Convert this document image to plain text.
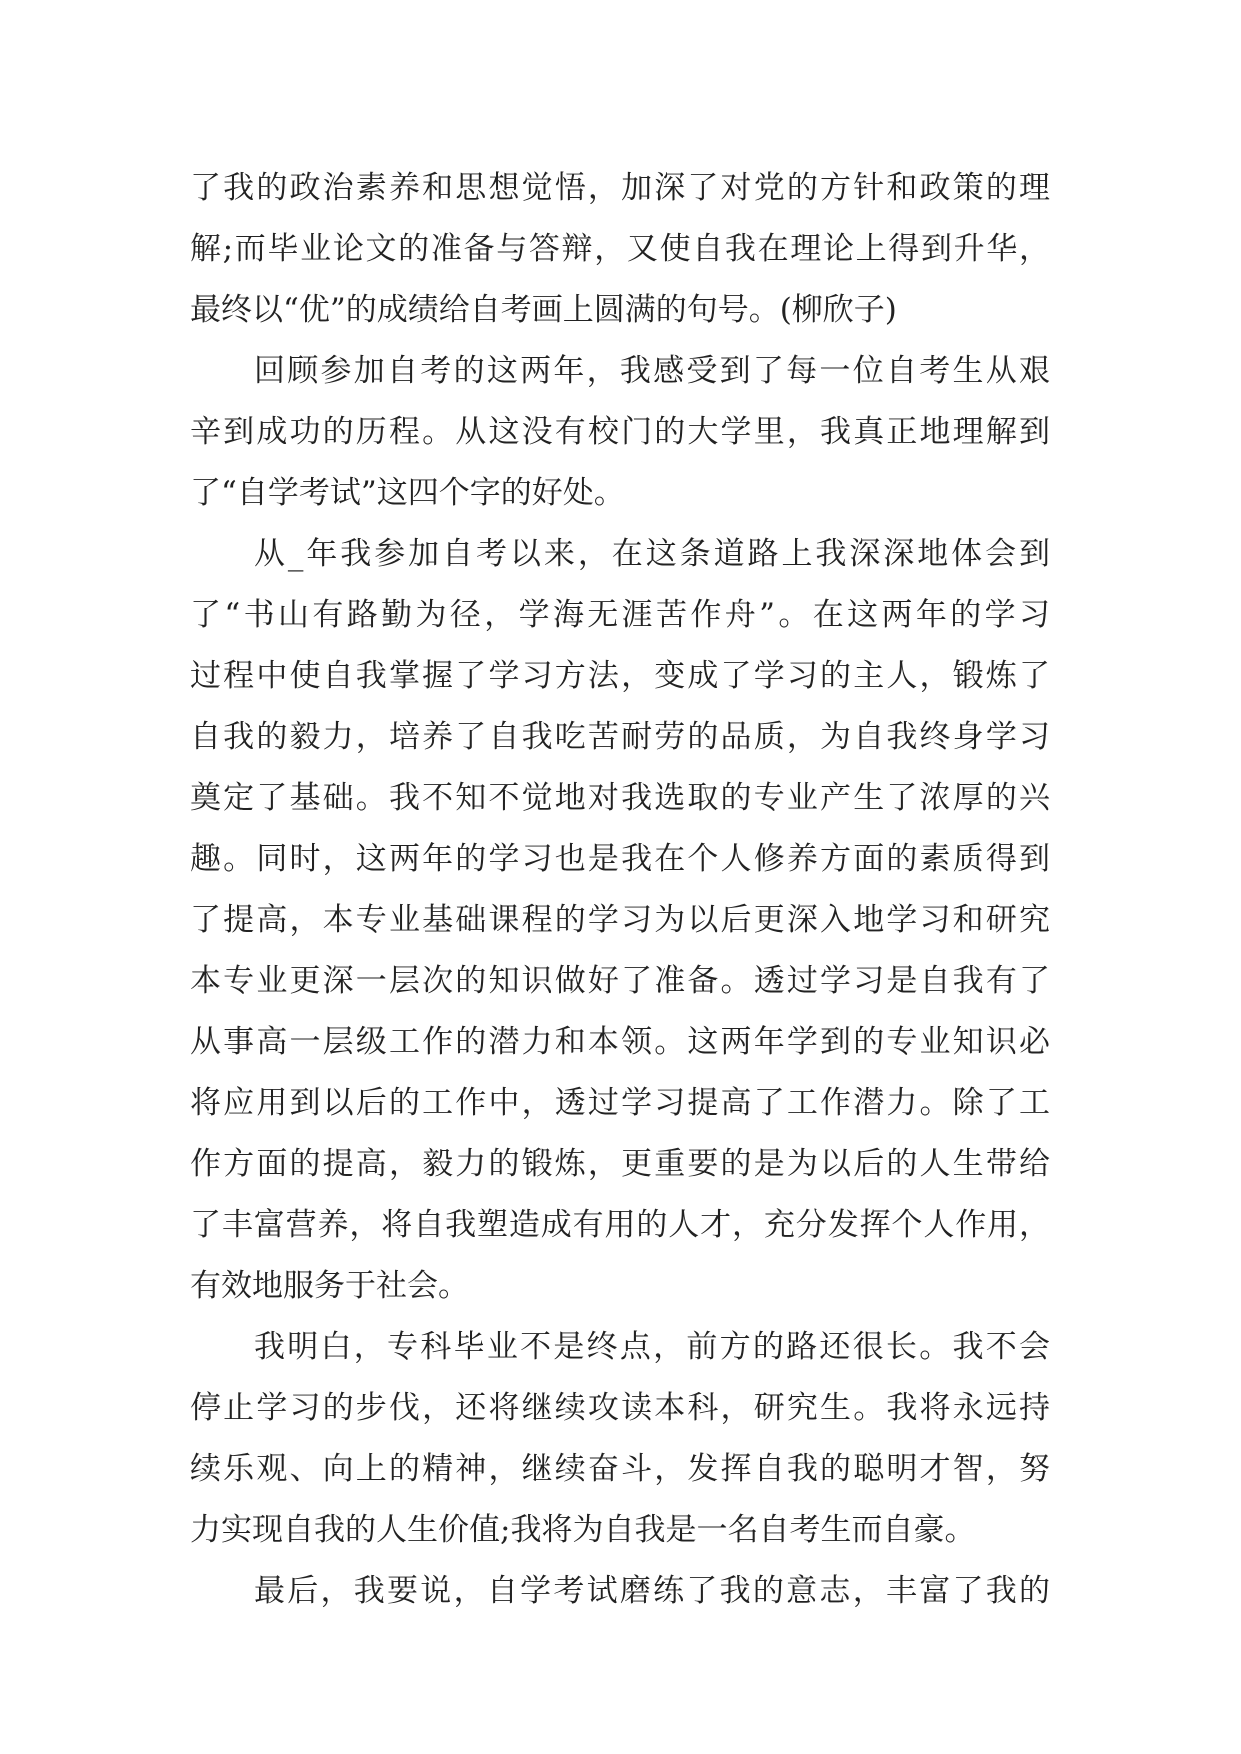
了我的政治素养和思想觉悟，加深了对党的方针和政策的理
解;而毕业论文的准备与答辩，又使自我在理论上得到升华，
最终以“优”的成绩给自考画上圆满的句号。(柳欣子)
回顾参加自考的这两年，我感受到了每一位自考生从艰
辛到成功的历程。从这没有校门的大学里，我真正地理解到
了“自学考试”这四个字的好处。
从_年我参加自考以来，在这条道路上我深深地体会到
了“书山有路勤为径，学海无涯苦作舟”。在这两年的学习
过程中使自我掌握了学习方法，变成了学习的主人，锻炼了
自我的毅力，培养了自我吃苦耐劳的品质，为自我终身学习
奠定了基础。我不知不觉地对我选取的专业产生了浓厚的兴
趣。同时，这两年的学习也是我在个人修养方面的素质得到
了提高，本专业基础课程的学习为以后更深入地学习和研究
本专业更深一层次的知识做好了准备。透过学习是自我有了
从事高一层级工作的潜力和本领。这两年学到的专业知识必
将应用到以后的工作中，透过学习提高了工作潜力。除了工
作方面的提高，毅力的锻炼，更重要的是为以后的人生带给
了丰富营养，将自我塑造成有用的人才，充分发挥个人作用，
有效地服务于社会。
我明白，专科毕业不是终点，前方的路还很长。我不会
停止学习的步伐，还将继续攻读本科，研究生。我将永远持
续乐观、向上的精神，继续奋斗，发挥自我的聪明才智，努
力实现自我的人生价值;我将为自我是一名自考生而自豪。
最后，我要说，自学考试磨练了我的意志，丰富了我的
